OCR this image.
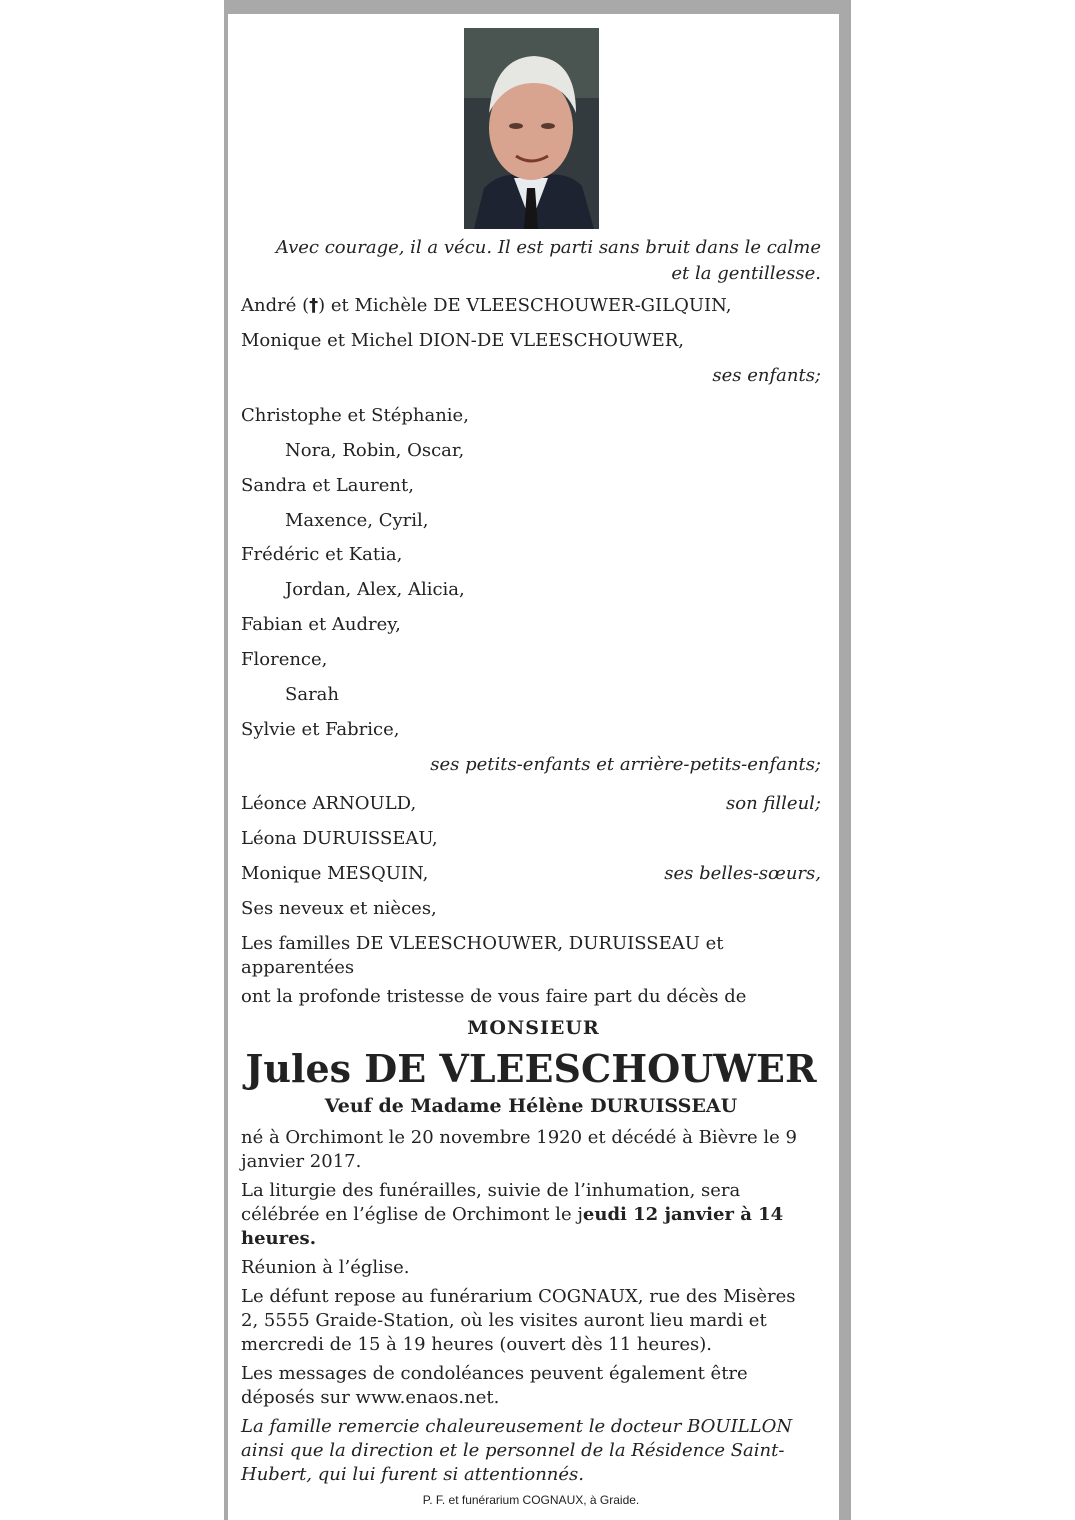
Avec courage, il a vécu. Il est parti sans bruit dans le calme

et la gentillesse.

André (†) et Michèle DE VLEESCHOUWER-GILQUIN,

Monique et Michel DION-DE VLEESCHOUWER,

ses enfants;

Christophe et Stéphanie,

Nora, Robin, Oscar,

Sandra et Laurent,

Maxence, Cyril,

Frédéric et Katia,

Jordan, Alex, Alicia,

Fabian et Audrey,

Florence,

Sarah

Sylvie et Fabrice,

ses petits-enfants et arrière-petits-enfants;

Léonce ARNOULD,	son filleul;

Léona DURUISSEAU,

Monique MESQUIN,	ses belles-sœurs,

Ses neveux et nièces,

Les familles DE VLEESCHOUWER, DURUISSEAU et apparentées

ont la profonde tristesse de vous faire part du décès de

MONSIEUR

Jules DE VLEESCHOUWER

Veuf de Madame Hélène DURUISSEAU

né à Orchimont le 20 novembre 1920 et décédé à Bièvre le 9 janvier 2017.

La liturgie des funérailles, suivie de l’inhumation, sera célébrée en l’église de Orchimont le jeudi 12 janvier à 14 heures.

Réunion à l’église.

Le défunt repose au funérarium COGNAUX, rue des Misères 2, 5555 Graide-Station, où les visites auront lieu mardi et mercredi de 15 à 19 heures (ouvert dès 11 heures).

Les messages de condoléances peuvent également être déposés sur www.enaos.net.

La famille remercie chaleureusement le docteur BOUILLON ainsi que la direction et le personnel de la Résidence Saint-Hubert, qui lui furent si attentionnés.

P. F. et funérarium COGNAUX, à Graide.
